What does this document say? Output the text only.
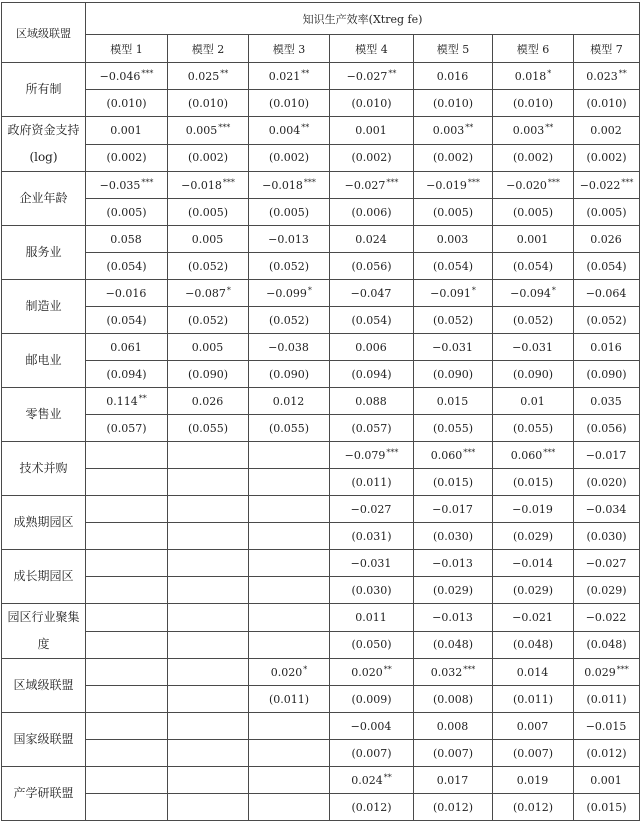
区域级联盟	知识生产效率(Xtreg fe)						
	模型 1	模型 2	模型 3	模型 4	模型 5	模型 6	模型 7
所有制	−0.046***	0.025**	0.021**	−0.027**	0.016	0.018*	0.023**
	(0.010)	(0.010)	(0.010)	(0.010)	(0.010)	(0.010)	(0.010)
政府资金支持(log)	0.001	0.005***	0.004**	0.001	0.003**	0.003**	0.002
	(0.002)	(0.002)	(0.002)	(0.002)	(0.002)	(0.002)	(0.002)
企业年龄	−0.035***	−0.018***	−0.018***	−0.027***	−0.019***	−0.020***	−0.022***
	(0.005)	(0.005)	(0.005)	(0.006)	(0.005)	(0.005)	(0.005)
服务业	0.058	0.005	−0.013	0.024	0.003	0.001	0.026
	(0.054)	(0.052)	(0.052)	(0.056)	(0.054)	(0.054)	(0.054)
制造业	−0.016	−0.087*	−0.099*	−0.047	−0.091*	−0.094*	−0.064
	(0.054)	(0.052)	(0.052)	(0.054)	(0.052)	(0.052)	(0.052)
邮电业	0.061	0.005	−0.038	0.006	−0.031	−0.031	0.016
	(0.094)	(0.090)	(0.090)	(0.094)	(0.090)	(0.090)	(0.090)
零售业	0.114**	0.026	0.012	0.088	0.015	0.01	0.035
	(0.057)	(0.055)	(0.055)	(0.057)	(0.055)	(0.055)	(0.056)
技术并购				−0.079***	0.060***	0.060***	−0.017
				(0.011)	(0.015)	(0.015)	(0.020)
成熟期园区				−0.027	−0.017	−0.019	−0.034
				(0.031)	(0.030)	(0.029)	(0.030)
成长期园区				−0.031	−0.013	−0.014	−0.027
				(0.030)	(0.029)	(0.029)	(0.029)
园区行业聚集度				0.011	−0.013	−0.021	−0.022
				(0.050)	(0.048)	(0.048)	(0.048)
区域级联盟			0.020*	0.020**	0.032***	0.014	0.029***
			(0.011)	(0.009)	(0.008)	(0.011)	(0.011)
国家级联盟				−0.004	0.008	0.007	−0.015
				(0.007)	(0.007)	(0.007)	(0.012)
产学研联盟				0.024**	0.017	0.019	0.001
				(0.012)	(0.012)	(0.012)	(0.015)
